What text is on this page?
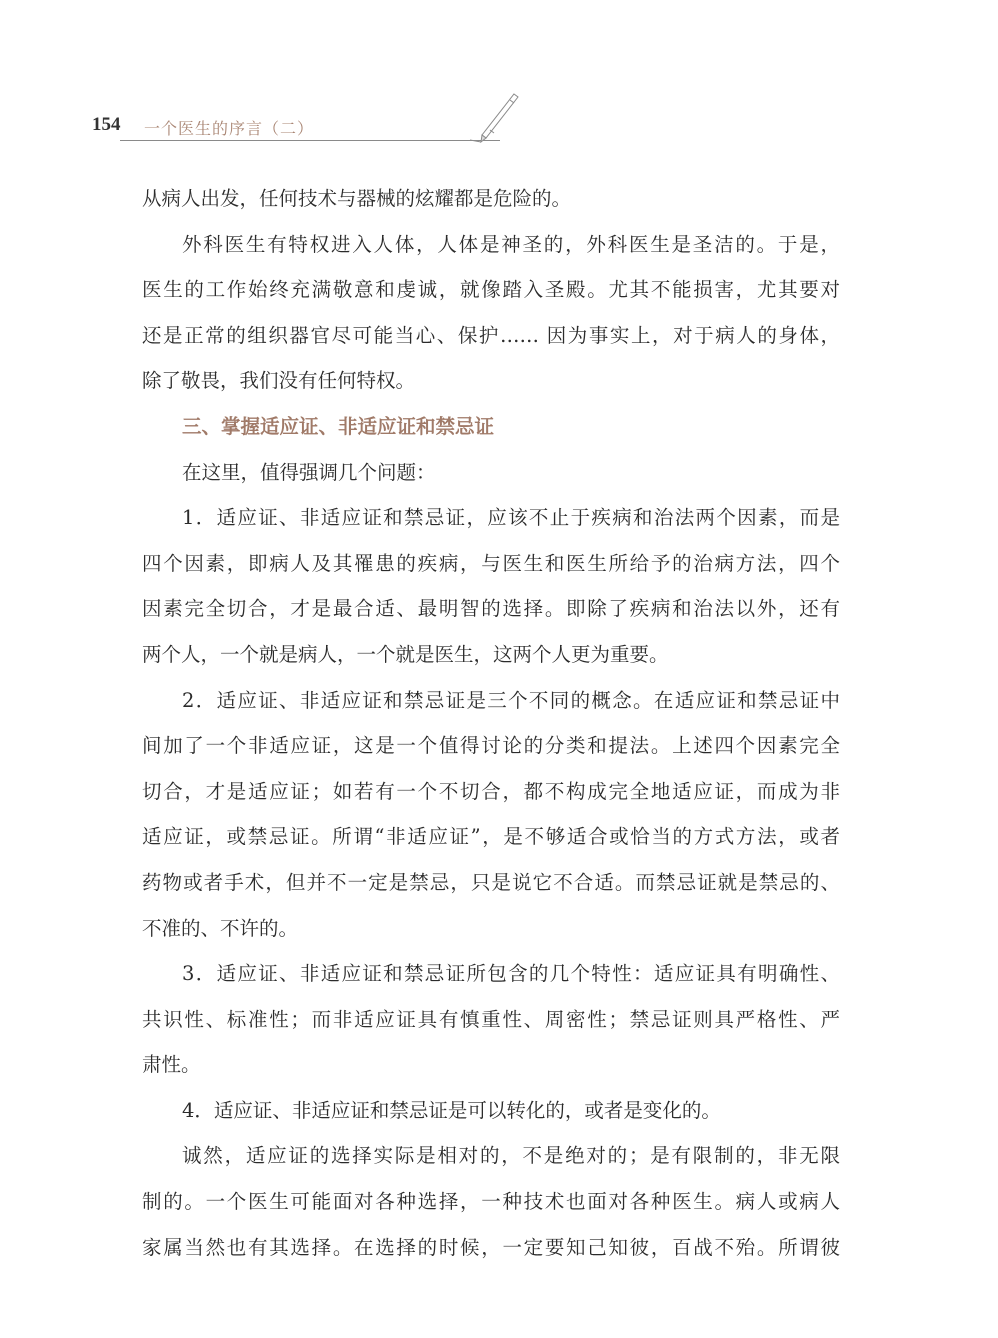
154 一个医生的序言（二）
从病人出发，任何技术与器械的炫耀都是危险的。
外科医生有特权进入人体，人体是神圣的，外科医生是圣洁的。于是，
医生的工作始终充满敬意和虔诚，就像踏入圣殿。尤其不能损害，尤其要对
还是正常的组织器官尽可能当心、保护…… 因为事实上，对于病人的身体，
除了敬畏，我们没有任何特权。
三、掌握适应证、非适应证和禁忌证
在这里，值得强调几个问题：
1．适应证、非适应证和禁忌证，应该不止于疾病和治法两个因素，而是
四个因素，即病人及其罹患的疾病，与医生和医生所给予的治病方法，四个
因素完全切合，才是最合适、最明智的选择。即除了疾病和治法以外，还有
两个人，一个就是病人，一个就是医生，这两个人更为重要。
2．适应证、非适应证和禁忌证是三个不同的概念。在适应证和禁忌证中
间加了一个非适应证，这是一个值得讨论的分类和提法。上述四个因素完全
切合，才是适应证；如若有一个不切合，都不构成完全地适应证，而成为非
适应证，或禁忌证。所谓“非适应证”，是不够适合或恰当的方式方法，或者
药物或者手术，但并不一定是禁忌，只是说它不合适。而禁忌证就是禁忌的、
不准的、不许的。
3．适应证、非适应证和禁忌证所包含的几个特性：适应证具有明确性、
共识性、标准性；而非适应证具有慎重性、周密性；禁忌证则具严格性、严
肃性。
4．适应证、非适应证和禁忌证是可以转化的，或者是变化的。
诚然，适应证的选择实际是相对的，不是绝对的；是有限制的，非无限
制的。一个医生可能面对各种选择，一种技术也面对各种医生。病人或病人
家属当然也有其选择。在选择的时候，一定要知己知彼，百战不殆。所谓彼
